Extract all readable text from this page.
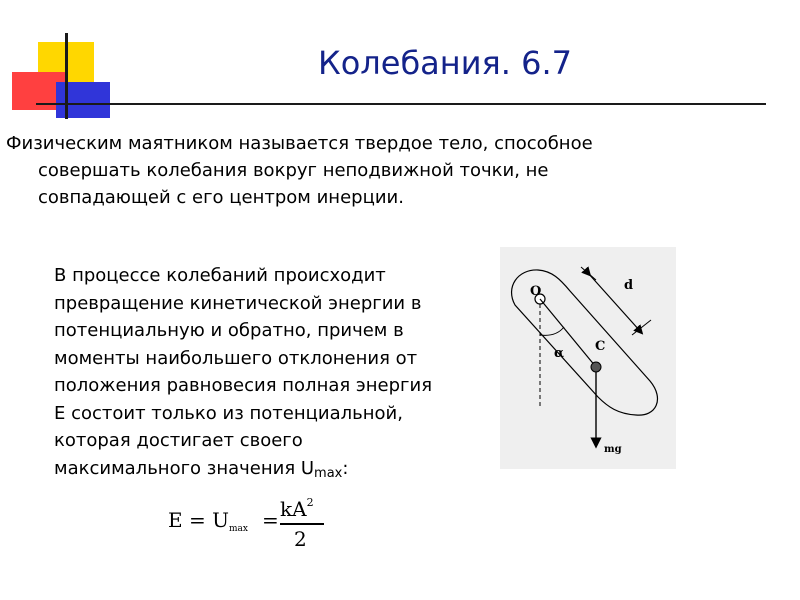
Колебания. 6.7
Физическим маятником называется твердое тело, способное
совершать колебания вокруг неподвижной точки, не
совпадающей с его центром инерции.
В процессе колебаний происходит
превращение кинетической энергии в
потенциальную и обратно, причем в
моменты наибольшего отклонения от
положения равновесия полная энергия
Е состоит только из потенциальной,
которая достигает своего
максимального значения $U_{max}$:
O
C
d
α
mg
$E = U_{max} = kA^2$
2
